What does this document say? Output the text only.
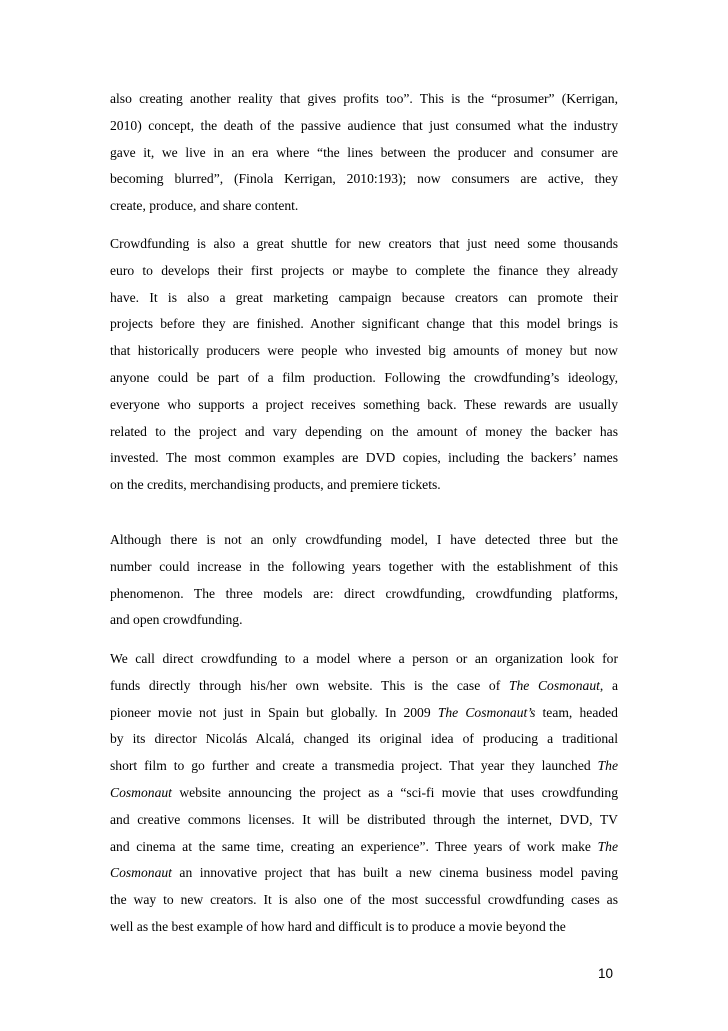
also creating another reality that gives profits too”. This is the “prosumer” (Kerrigan,
2010) concept, the death of the passive audience that just consumed what the industry
gave it, we live in an era where “the lines between the producer and consumer are
becoming blurred”, (Finola Kerrigan, 2010:193); now consumers are active, they
create, produce, and share content.
Crowdfunding is also a great shuttle for new creators that just need some thousands
euro to develops their first projects or maybe to complete the finance they already
have. It is also a great marketing campaign because creators can promote their
projects before they are finished. Another significant change that this model brings is
that historically producers were people who invested big amounts of money but now
anyone could be part of a film production. Following the crowdfunding’s ideology,
everyone who supports a project receives something back. These rewards are usually
related to the project and vary depending on the amount of money the backer has
invested. The most common examples are DVD copies, including the backers’ names
on the credits, merchandising products, and premiere tickets.
Although there is not an only crowdfunding model, I have detected three but the
number could increase in the following years together with the establishment of this
phenomenon. The three models are: direct crowdfunding, crowdfunding platforms,
and open crowdfunding.
We call direct crowdfunding to a model where a person or an organization look for
funds directly through his/her own website. This is the case of The Cosmonaut, a
pioneer movie not just in Spain but globally. In 2009 The Cosmonaut’s team, headed
by its director Nicolás Alcalá, changed its original idea of producing a traditional
short film to go further and create a transmedia project. That year they launched The
Cosmonaut website announcing the project as a “sci-fi movie that uses crowdfunding
and creative commons licenses. It will be distributed through the internet, DVD, TV
and cinema at the same time, creating an experience”. Three years of work make The
Cosmonaut an innovative project that has built a new cinema business model paving
the way to new creators. It is also one of the most successful crowdfunding cases as
well as the best example of how hard and difficult is to produce a movie beyond the
10
